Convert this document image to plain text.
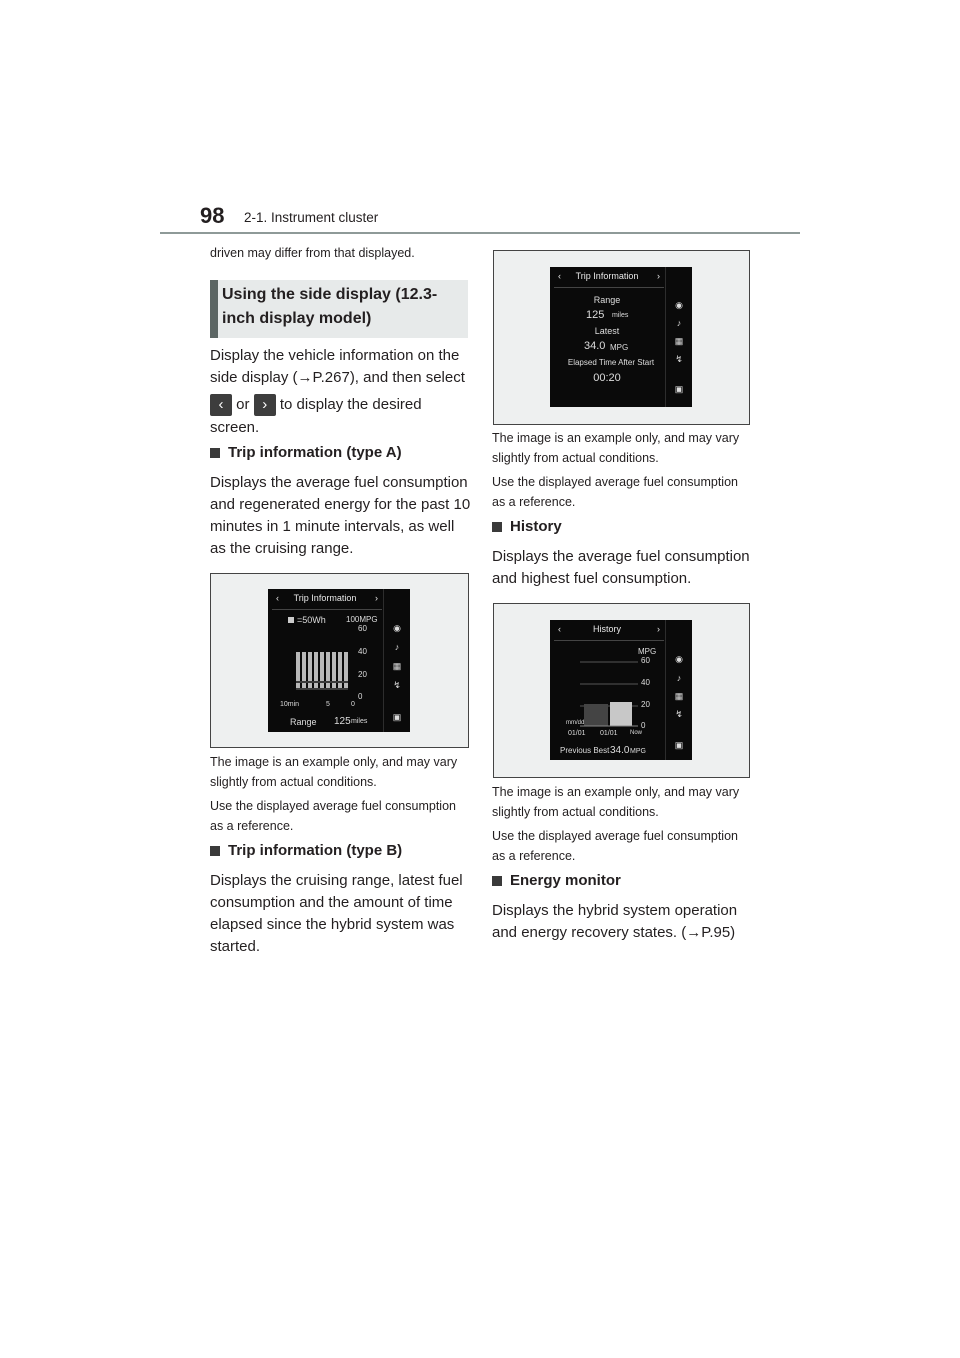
98 2-1. Instrument cluster

driven may differ from that displayed.

Using the side display (12.3-inch display model)

Display the vehicle information on the

side display (→P.267), and then select

‹ or › to display the desired

screen.

Trip information (type A)

Displays the average fuel consumption and regenerated energy for the past 10 minutes in 1 minute intervals, as well as the cruising range.

‹ Trip Information ›
=50Wh	100MPG
60
40
20
0
10min	5	0
Range 125 miles
◉
♪
▦
↯
▣

The image is an example only, and may vary slightly from actual conditions.

Use the displayed average fuel consumption as a reference.

Trip information (type B)

Displays the cruising range, latest fuel consumption and the amount of time elapsed since the hybrid system was started.

‹ Trip Information ›
Range
125 miles
Latest
34.0 MPG
Elapsed Time After Start
00:20
◉
♪
▦
↯
▣

The image is an example only, and may vary slightly from actual conditions.

Use the displayed average fuel consumption as a reference.

History

Displays the average fuel consumption and highest fuel consumption.

‹	History	›
MPG
60
40
20
0
mm/dd
01/01 01/01 Now
Previous Best 34.0 MPG
◉
♪
▦
↯
▣

The image is an example only, and may vary slightly from actual conditions.

Use the displayed average fuel consumption as a reference.

Energy monitor

Displays the hybrid system operation and energy recovery states. (→P.95)
